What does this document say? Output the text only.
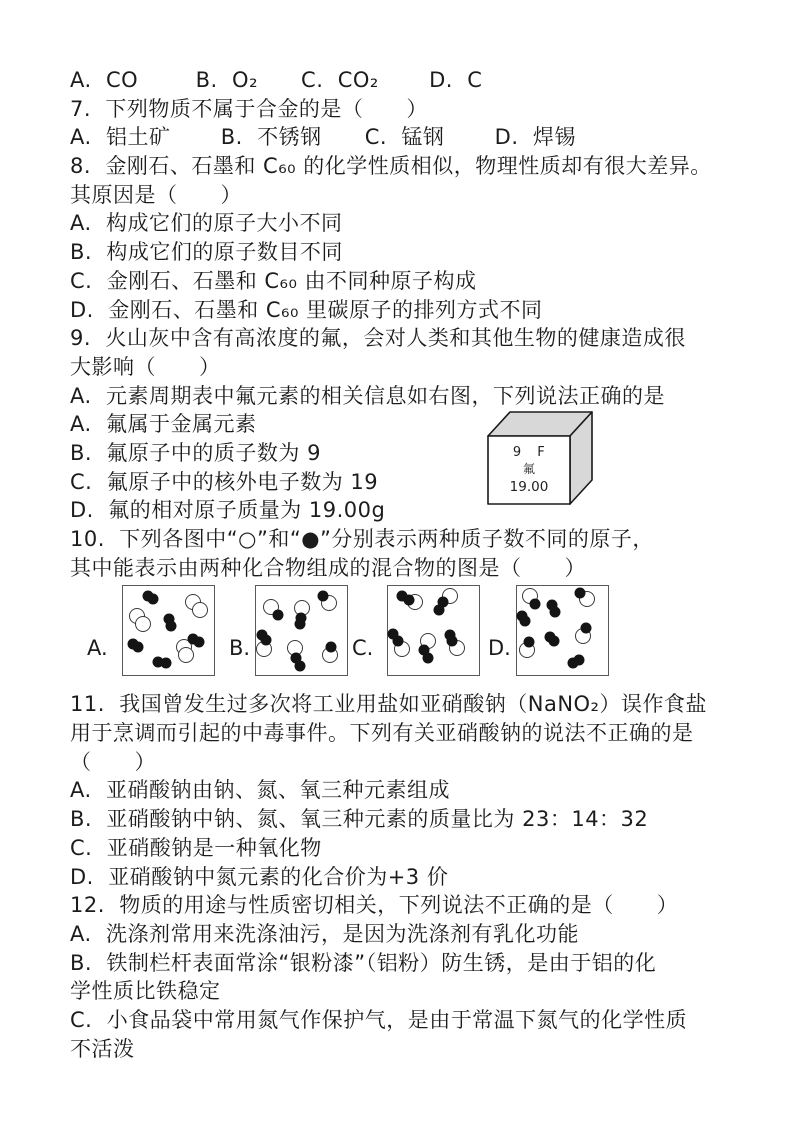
A.  CO        B.  O₂      C.  CO₂       D.  C
7.  下列物质不属于合金的是（　　）
A.  铝土矿       B.  不锈钢      C.  锰钢       D.  焊锡
8.  金刚石、石墨和 C₆₀ 的化学性质相似，物理性质却有很大差异。
其原因是（　　）
A.  构成它们的原子大小不同
B.  构成它们的原子数目不同
C.  金刚石、石墨和 C₆₀ 由不同种原子构成
D.  金刚石、石墨和 C₆₀ 里碳原子的排列方式不同
9.  火山灰中含有高浓度的氟，会对人类和其他生物的健康造成很
大影响（　　）
A.  元素周期表中氟元素的相关信息如右图，下列说法正确的是
A.  氟属于金属元素
B.  氟原子中的质子数为 9
C.  氟原子中的核外电子数为 19
D.  氟的相对原子质量为 19.00g
10.  下列各图中“○”和“●”分别表示两种质子数不同的原子，
其中能表示由两种化合物组成的混合物的图是（　　）
A.	B.	C.	D.
11.  我国曾发生过多次将工业用盐如亚硝酸钠（NaNO₂）误作食盐
用于烹调而引起的中毒事件。下列有关亚硝酸钠的说法不正确的是
（　　）
A.  亚硝酸钠由钠、氮、氧三种元素组成
B.  亚硝酸钠中钠、氮、氧三种元素的质量比为 23：14：32
C.  亚硝酸钠是一种氧化物
D.  亚硝酸钠中氮元素的化合价为+3 价
12.  物质的用途与性质密切相关，下列说法不正确的是（　　）
A.  洗涤剂常用来洗涤油污，是因为洗涤剂有乳化功能
B.  铁制栏杆表面常涂“银粉漆”（铝粉）防生锈，是由于铝的化
学性质比铁稳定
C.  小食品袋中常用氮气作保护气，是由于常温下氮气的化学性质
不活泼
9 F
氟
19.00
